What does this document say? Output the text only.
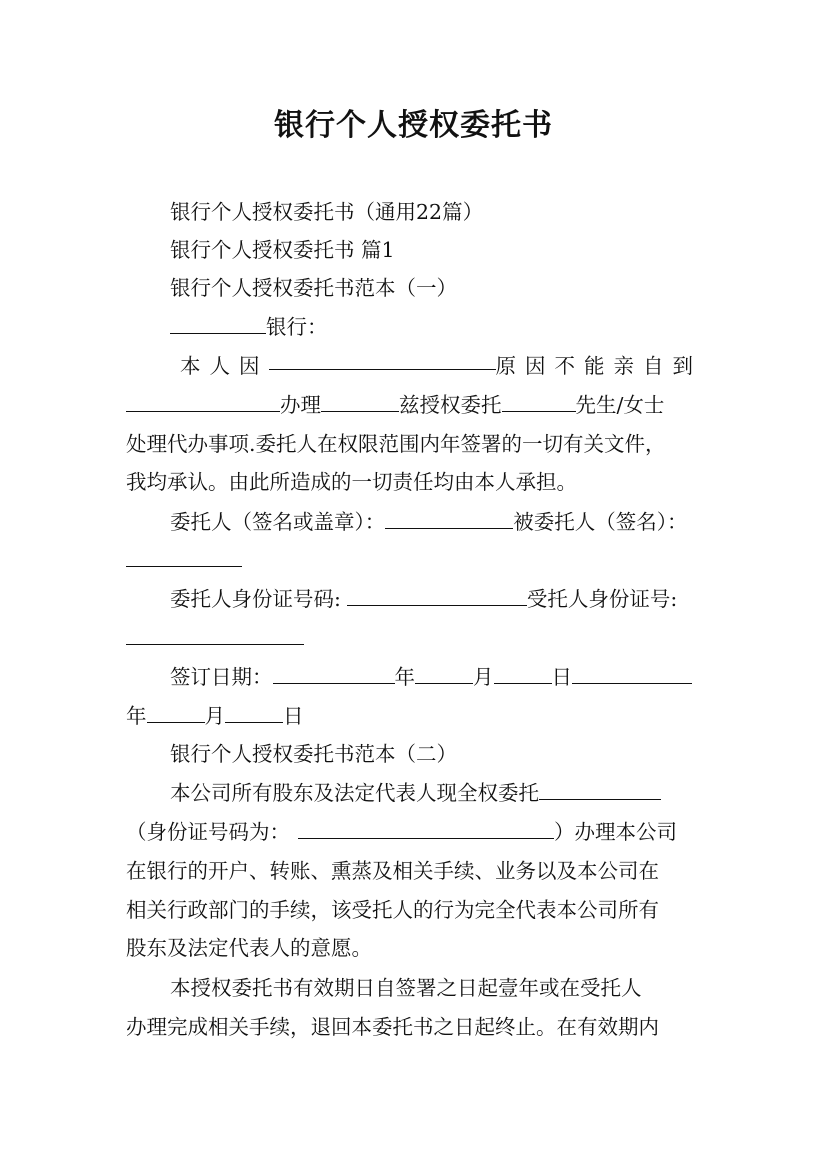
银行个人授权委托书
银行个人授权委托书（通用22篇）
银行个人授权委托书 篇1
银行个人授权委托书范本（一）
银行：
本人因	原因不能亲自到
办理	兹授权委托	先生/女士
处理代办事项.委托人在权限范围内年签署的一切有关文件，
我均承认。由此所造成的一切责任均由本人承担。
委托人（签名或盖章）：	被委托人（签名）：
委托人身份证号码:	受托人身份证号:
签订日期：	年	月	日
年	月	日
银行个人授权委托书范本（二）
本公司所有股东及法定代表人现全权委托
（身份证号码为：	）办理本公司
在银行的开户、转账、熏蒸及相关手续、业务以及本公司在
相关行政部门的手续，该受托人的行为完全代表本公司所有
股东及法定代表人的意愿。
本授权委托书有效期日自签署之日起壹年或在受托人
办理完成相关手续，退回本委托书之日起终止。在有效期内
